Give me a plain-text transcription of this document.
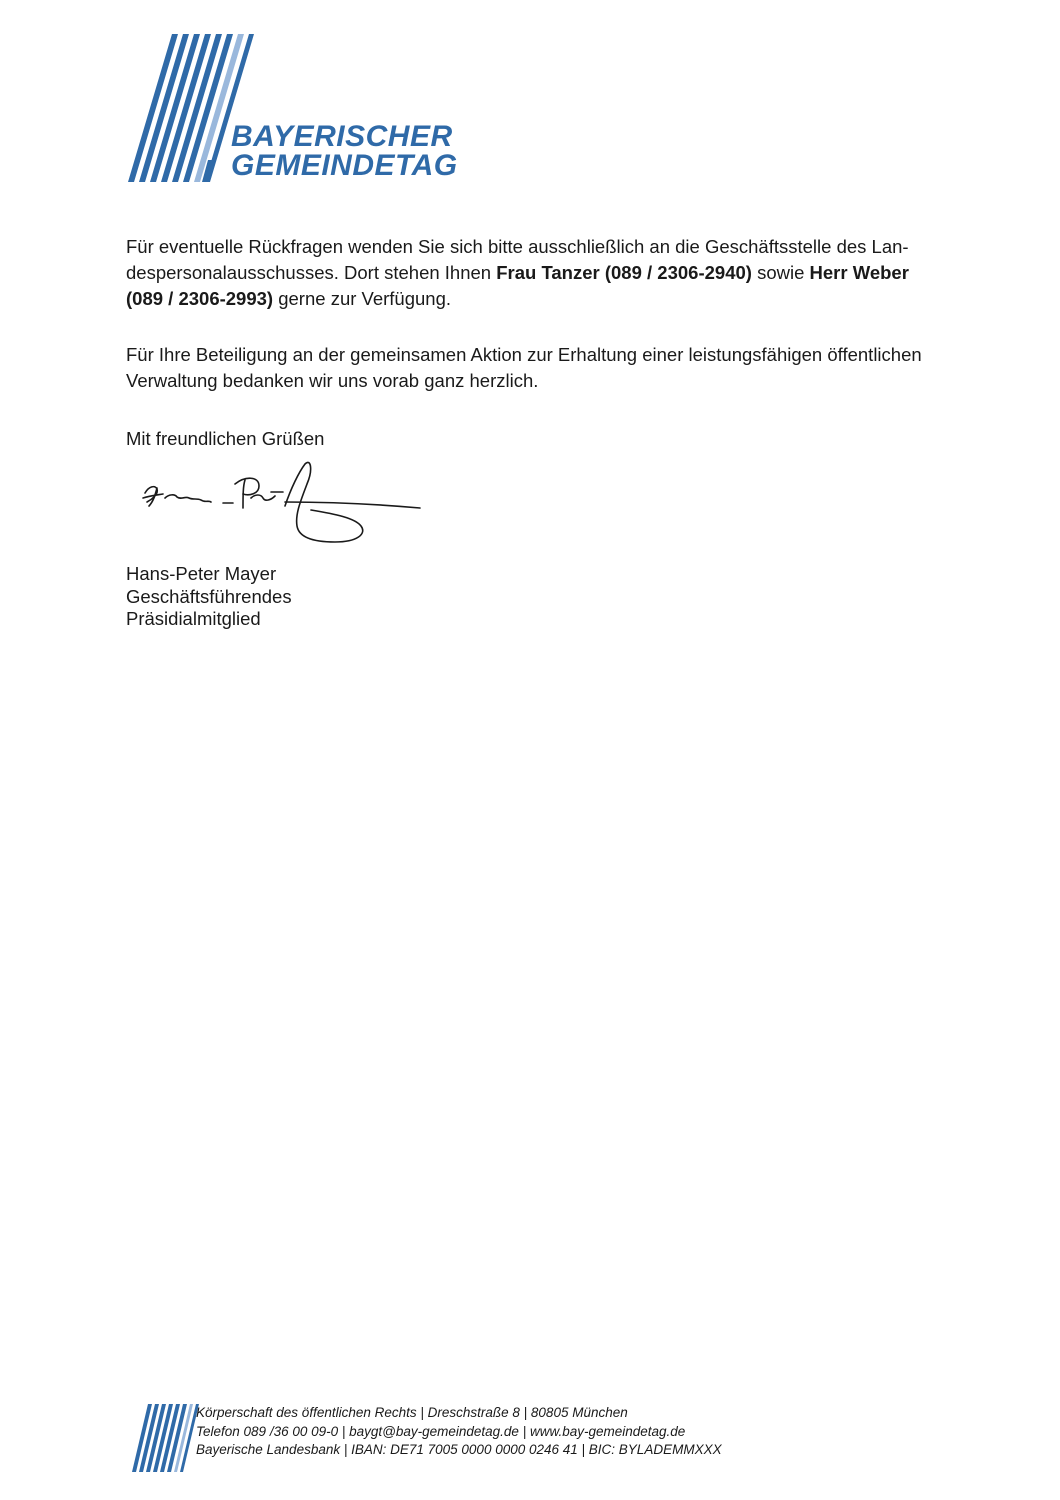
BAYERISCHER
GEMEINDETAG

Für eventuelle Rückfragen wenden Sie sich bitte ausschließlich an die Geschäftsstelle des Lan-despersonalausschusses. Dort stehen Ihnen Frau Tanzer (089 / 2306-2940) sowie Herr Weber (089 / 2306-2993) gerne zur Verfügung.

Für Ihre Beteiligung an der gemeinsamen Aktion zur Erhaltung einer leistungsfähigen öffentlichen Verwaltung bedanken wir uns vorab ganz herzlich.

Mit freundlichen Grüßen
Hans-Peter Mayer
Geschäftsführendes
Präsidialmitglied
Körperschaft des öffentlichen Rechts | Dreschstraße 8 | 80805 München
Telefon 089 /36 00 09-0 | baygt@bay-gemeindetag.de | www.bay-gemeindetag.de
Bayerische Landesbank | IBAN: DE71 7005 0000 0000 0246 41 | BIC: BYLADEMMXXX
